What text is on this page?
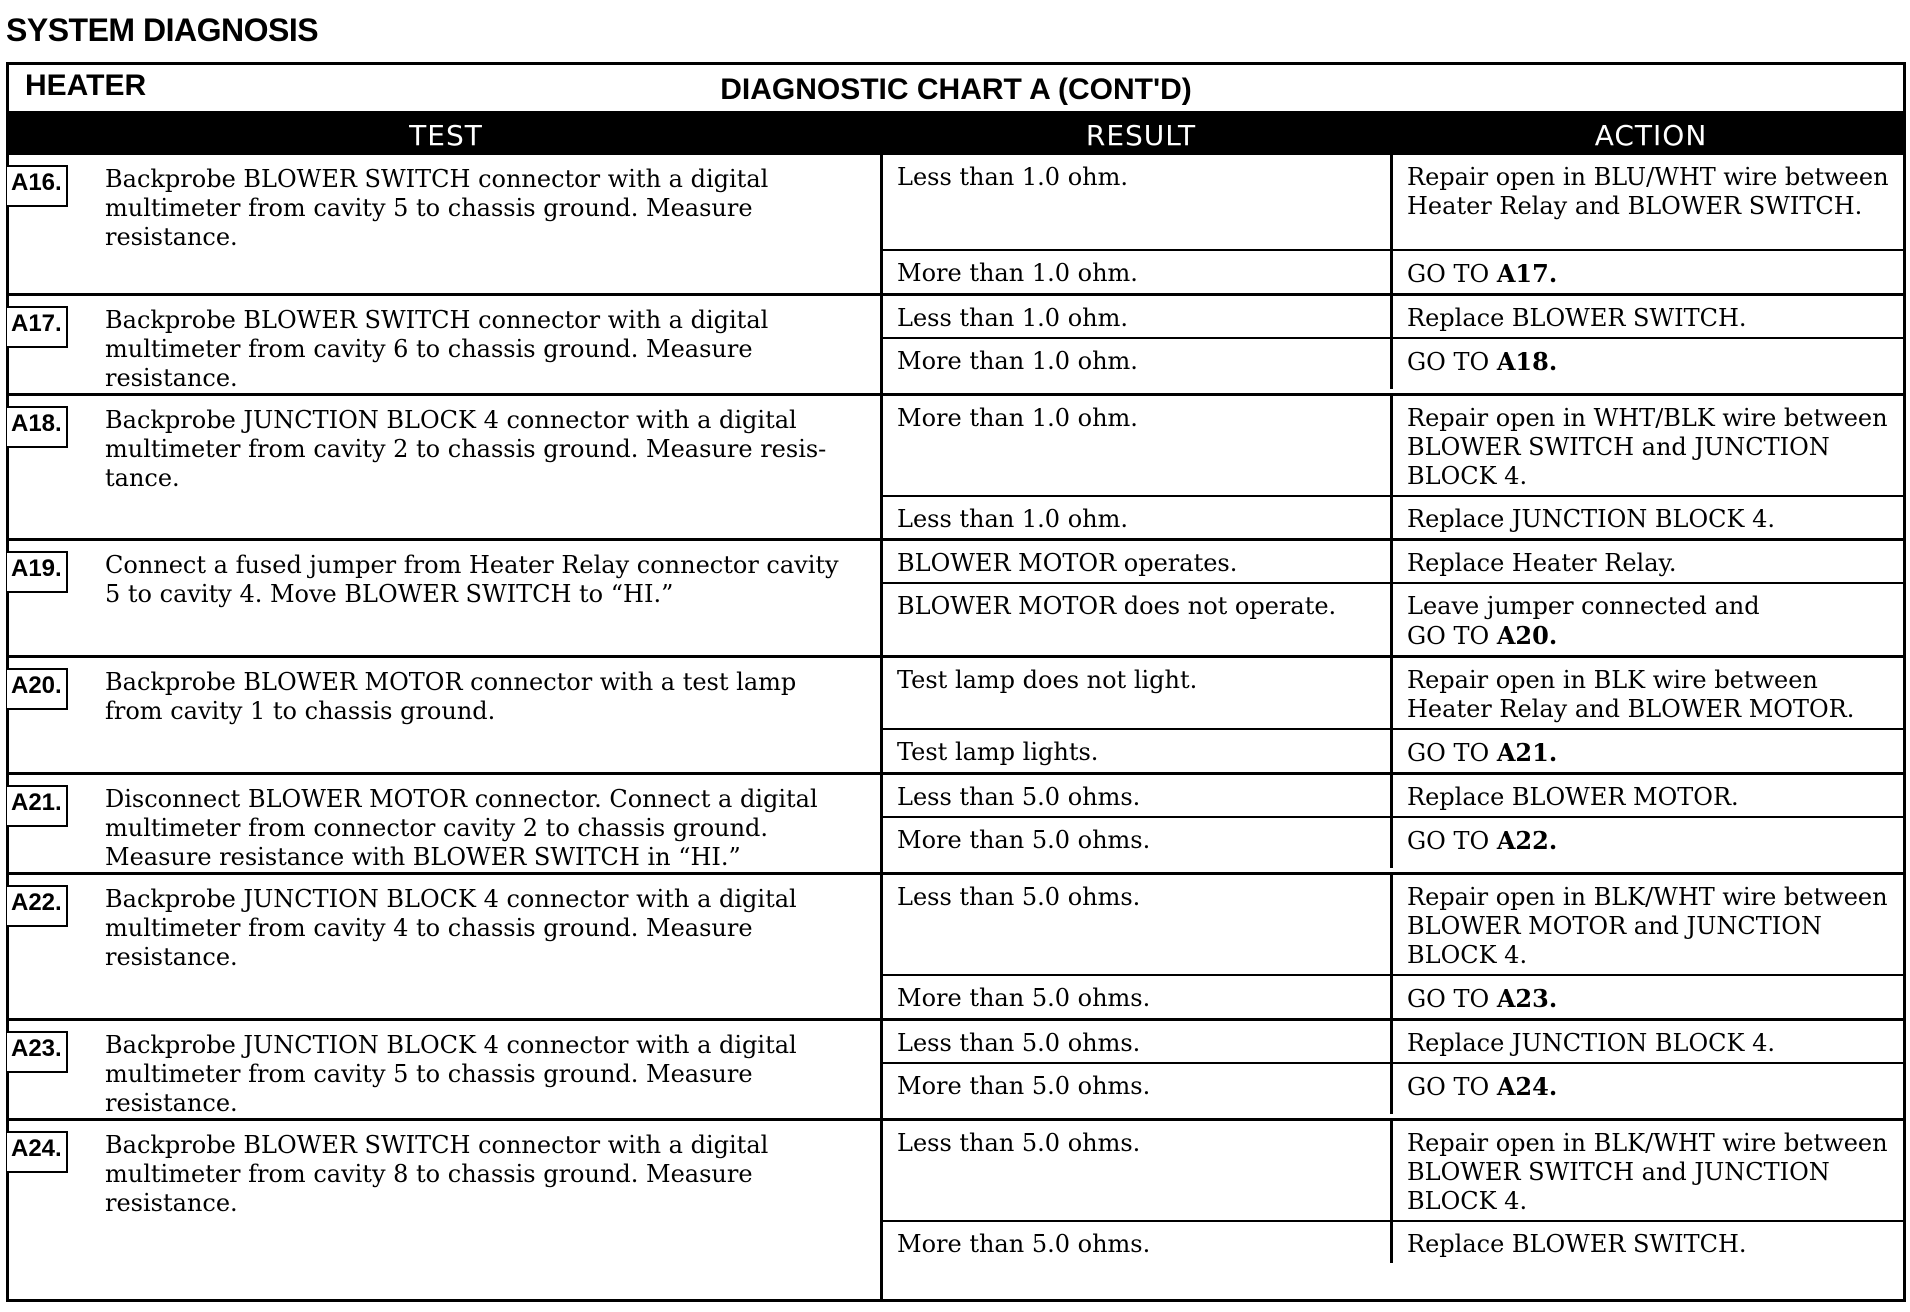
SYSTEM DIAGNOSIS
HEATER	DIAGNOSTIC CHART A (CONT'D)
TEST	RESULT	ACTION
A16. Backprobe BLOWER SWITCH connector with a digital multimeter from cavity 5 to chassis ground. Measure resistance.
Less than 1.0 ohm.	Repair open in BLU/WHT wire between Heater Relay and BLOWER SWITCH.
More than 1.0 ohm.	GO TO A17.
A17. Backprobe BLOWER SWITCH connector with a digital multimeter from cavity 6 to chassis ground. Measure resistance.
Less than 1.0 ohm.	Replace BLOWER SWITCH.
More than 1.0 ohm.	GO TO A18.
A18. Backprobe JUNCTION BLOCK 4 connector with a digital multimeter from cavity 2 to chassis ground. Measure resis-tance.
More than 1.0 ohm.	Repair open in WHT/BLK wire between BLOWER SWITCH and JUNCTION BLOCK 4.
Less than 1.0 ohm.	Replace JUNCTION BLOCK 4.
A19. Connect a fused jumper from Heater Relay connector cavity 5 to cavity 4. Move BLOWER SWITCH to “HI.”
BLOWER MOTOR operates.	Replace Heater Relay.
BLOWER MOTOR does not operate.	Leave jumper connected and
GO TO A20.
A20. Backprobe BLOWER MOTOR connector with a test lamp from cavity 1 to chassis ground.
Test lamp does not light.	Repair open in BLK wire between Heater Relay and BLOWER MOTOR.
Test lamp lights.	GO TO A21.
A21. Disconnect BLOWER MOTOR connector. Connect a digital multimeter from connector cavity 2 to chassis ground. Measure resistance with BLOWER SWITCH in “HI.”
Less than 5.0 ohms.	Replace BLOWER MOTOR.
More than 5.0 ohms.	GO TO A22.
A22. Backprobe JUNCTION BLOCK 4 connector with a digital multimeter from cavity 4 to chassis ground. Measure resistance.
Less than 5.0 ohms.	Repair open in BLK/WHT wire between BLOWER MOTOR and JUNCTION BLOCK 4.
More than 5.0 ohms.	GO TO A23.
A23. Backprobe JUNCTION BLOCK 4 connector with a digital multimeter from cavity 5 to chassis ground. Measure resistance.
Less than 5.0 ohms.	Replace JUNCTION BLOCK 4.
More than 5.0 ohms.	GO TO A24.
A24. Backprobe BLOWER SWITCH connector with a digital multimeter from cavity 8 to chassis ground. Measure resistance.
Less than 5.0 ohms.	Repair open in BLK/WHT wire between BLOWER SWITCH and JUNCTION BLOCK 4.
More than 5.0 ohms.	Replace BLOWER SWITCH.
